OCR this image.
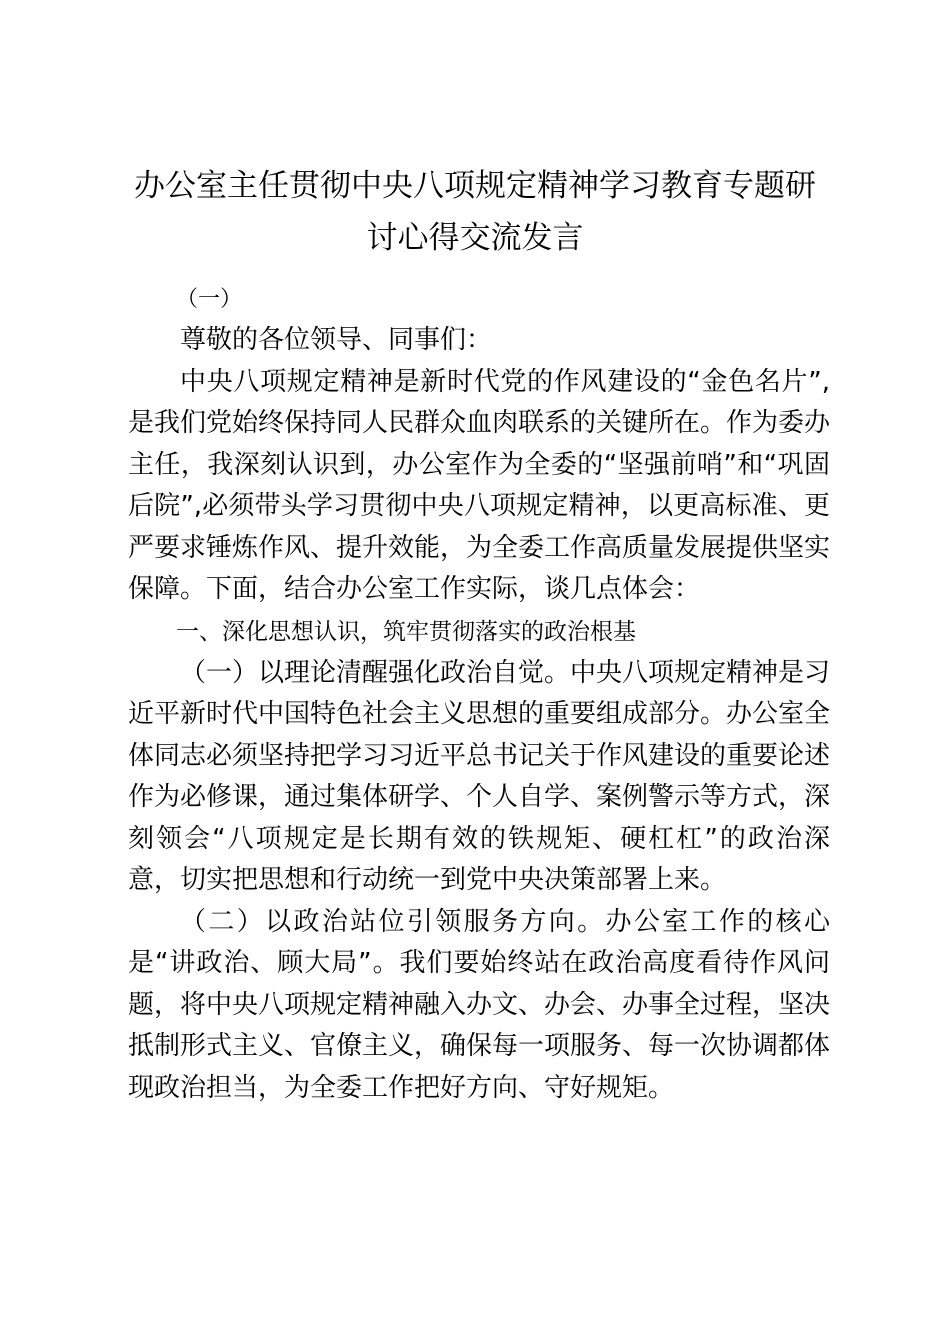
办公室主任贯彻中央八项规定精神学习教育专题研讨心得交流发言

（一）

尊敬的各位领导、同事们：

中央八项规定精神是新时代党的作风建设的“金色名片”,是我们党始终保持同人民群众血肉联系的关键所在。作为委办主任，我深刻认识到，办公室作为全委的“坚强前哨”和“巩固后院”,必须带头学习贯彻中央八项规定精神，以更高标准、更严要求锤炼作风、提升效能，为全委工作高质量发展提供坚实保障。下面，结合办公室工作实际，谈几点体会：

一、深化思想认识，筑牢贯彻落实的政治根基

（一）以理论清醒强化政治自觉。中央八项规定精神是习近平新时代中国特色社会主义思想的重要组成部分。办公室全体同志必须坚持把学习习近平总书记关于作风建设的重要论述作为必修课，通过集体研学、个人自学、案例警示等方式，深刻领会“八项规定是长期有效的铁规矩、硬杠杠”的政治深意，切实把思想和行动统一到党中央决策部署上来。

（二）以政治站位引领服务方向。办公室工作的核心是“讲政治、顾大局”。我们要始终站在政治高度看待作风问题，将中央八项规定精神融入办文、办会、办事全过程，坚决抵制形式主义、官僚主义，确保每一项服务、每一次协调都体现政治担当，为全委工作把好方向、守好规矩。
